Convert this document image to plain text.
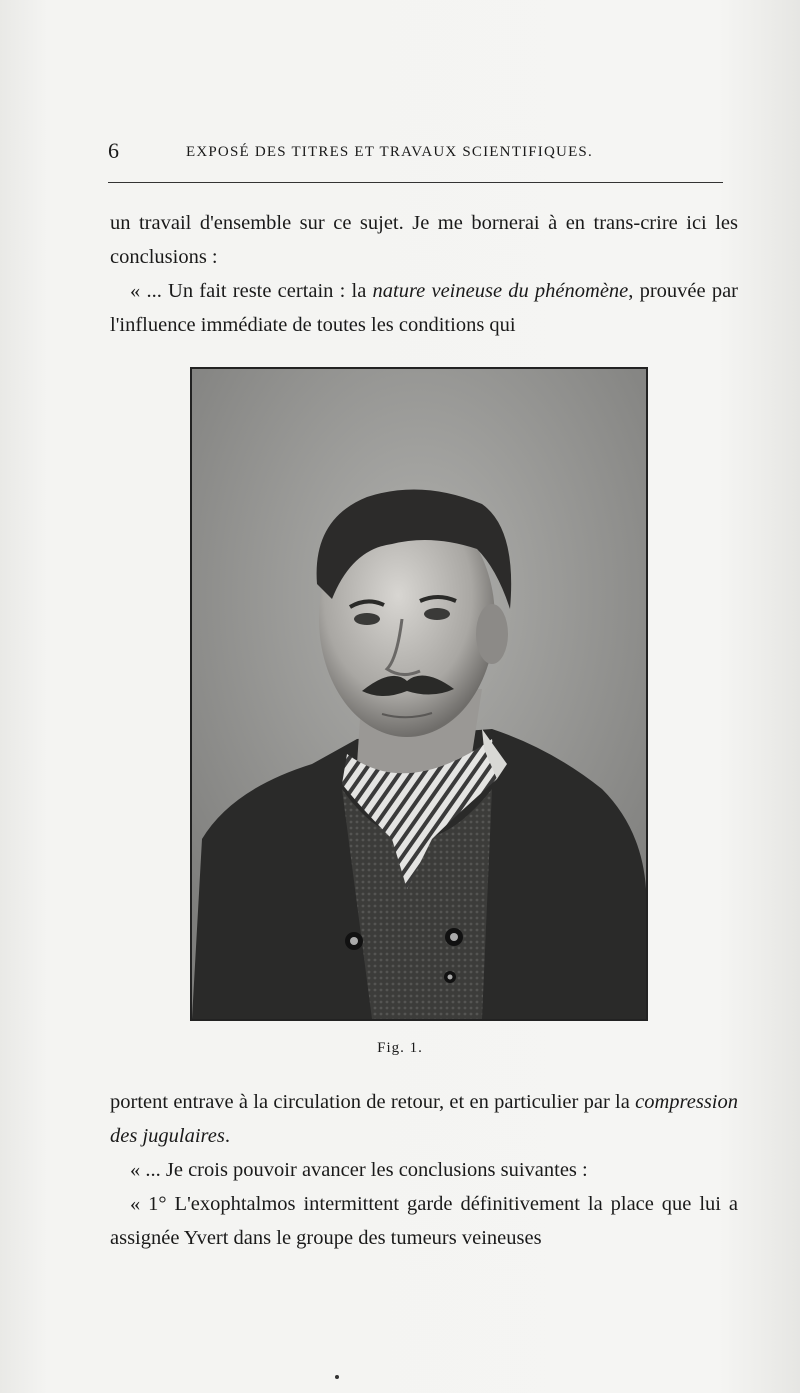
6	EXPOSÉ DES TITRES ET TRAVAUX SCIENTIFIQUES.

un travail d'ensemble sur ce sujet. Je me bornerai à en trans-crire ici les conclusions :

« ... Un fait reste certain : la nature veineuse du phénomène, prouvée par l'influence immédiate de toutes les conditions qui

Fig. 1.

portent entrave à la circulation de retour, et en particulier par la compression des jugulaires.

« ... Je crois pouvoir avancer les conclusions suivantes :

« 1° L'exophtalmos intermittent garde définitivement la place que lui a assignée Yvert dans le groupe des tumeurs veineuses
